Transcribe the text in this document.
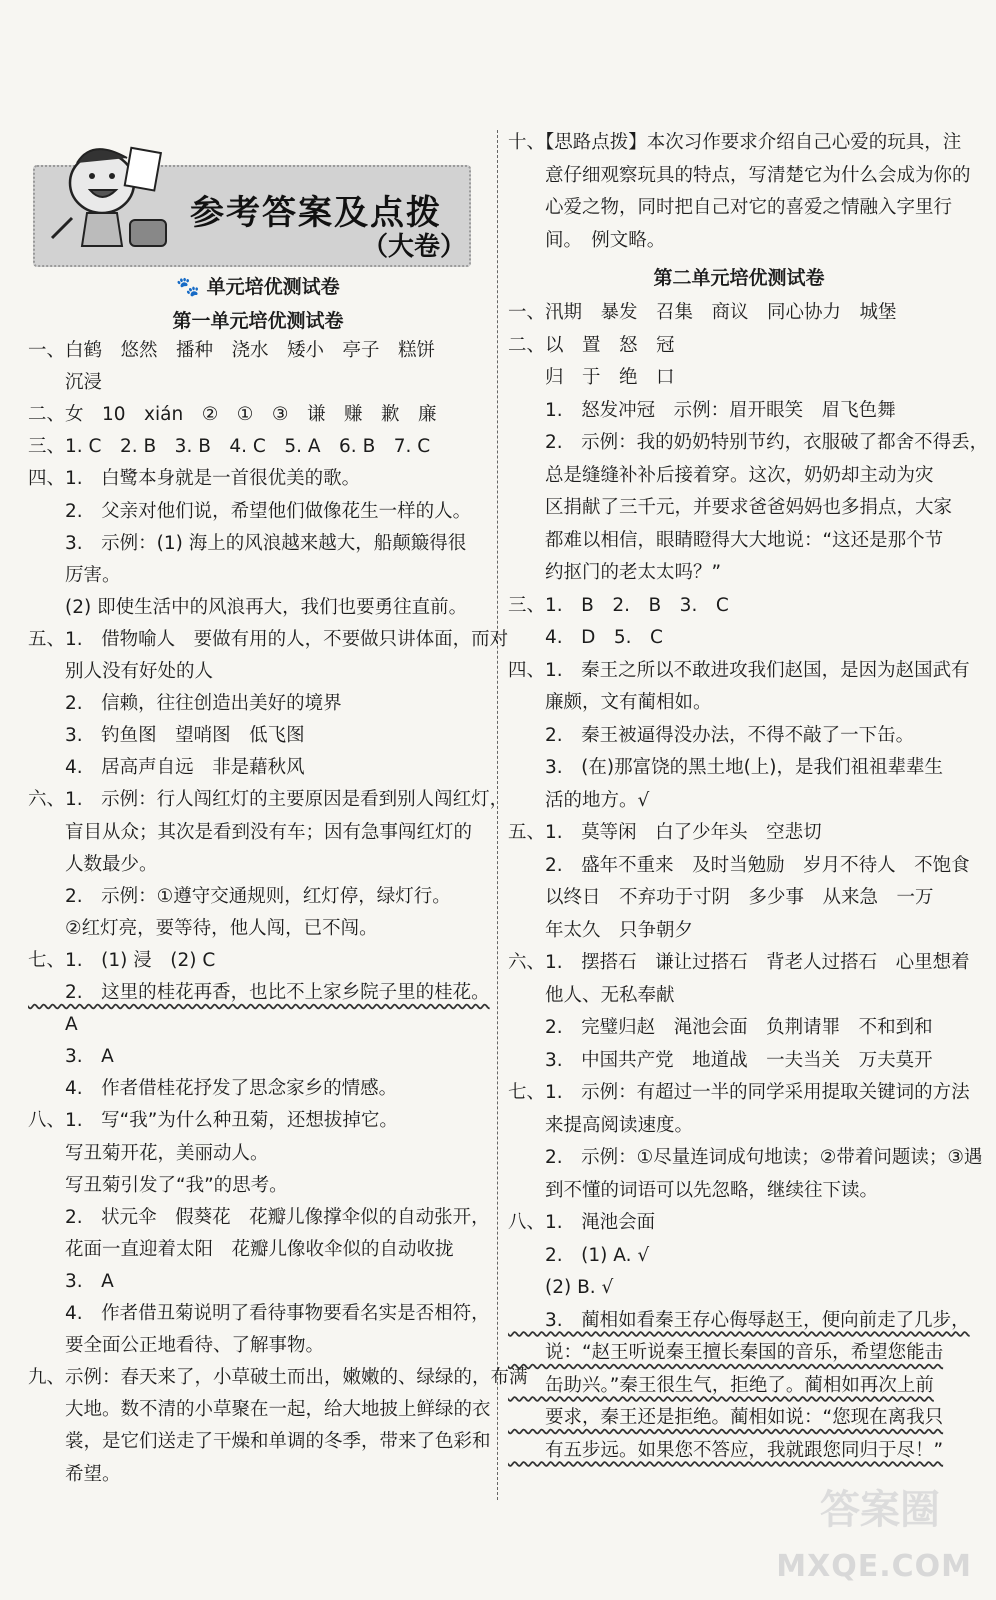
参考答案及点拨
（大卷）
🐾 单元培优测试卷
第一单元培优测试卷
一、白鹤　悠然　播种　浇水　矮小　亭子　糕饼
　　沉浸
二、女　10　xián　②　①　③　谦　赚　歉　廉
三、1. C　2. B　3. B　4. C　5. A　6. B　7. C
四、1.　白鹭本身就是一首很优美的歌。
　　2.　父亲对他们说，希望他们做像花生一样的人。
　　3.　示例：(1) 海上的风浪越来越大，船颠簸得很
　　厉害。
　　(2) 即使生活中的风浪再大，我们也要勇往直前。
五、1.　借物喻人　要做有用的人，不要做只讲体面，而对
　　别人没有好处的人
　　2.　信赖，往往创造出美好的境界
　　3.　钓鱼图　望哨图　低飞图
　　4.　居高声自远　非是藉秋风
六、1.　示例：行人闯红灯的主要原因是看到别人闯红灯，
　　盲目从众；其次是看到没有车；因有急事闯红灯的
　　人数最少。
　　2.　示例：①遵守交通规则，红灯停，绿灯行。
　　②红灯亮，要等待，他人闯，已不闯。
七、1.　(1) 浸　(2) C
　　2.　这里的桂花再香，也比不上家乡院子里的桂花。
　　A
　　3.　A
　　4.　作者借桂花抒发了思念家乡的情感。
八、1.　写“我”为什么种丑菊，还想拔掉它。
　　写丑菊开花，美丽动人。
　　写丑菊引发了“我”的思考。
　　2.　状元伞　假葵花　花瓣儿像撑伞似的自动张开，
　　花面一直迎着太阳　花瓣儿像收伞似的自动收拢
　　3.　A
　　4.　作者借丑菊说明了看待事物要看名实是否相符，
　　要全面公正地看待、了解事物。
九、示例：春天来了，小草破土而出，嫩嫩的、绿绿的，布满
　　大地。数不清的小草聚在一起，给大地披上鲜绿的衣
　　裳，是它们送走了干燥和单调的冬季，带来了色彩和
　　希望。
十、【思路点拨】本次习作要求介绍自己心爱的玩具，注
　　意仔细观察玩具的特点，写清楚它为什么会成为你的
　　心爱之物，同时把自己对它的喜爱之情融入字里行
　　间。　例文略。
第二单元培优测试卷
一、汛期　暴发　召集　商议　同心协力　城堡
二、以　置　怒　冠
　　归　于　绝　口
　　1.　怒发冲冠　示例：眉开眼笑　眉飞色舞
　　2.　示例：我的奶奶特别节约，衣服破了都舍不得丢，
　　总是缝缝补补后接着穿。这次，奶奶却主动为灾
　　区捐献了三千元，并要求爸爸妈妈也多捐点，大家
　　都难以相信，眼睛瞪得大大地说：“这还是那个节
　　约抠门的老太太吗？”
三、1.　B　2.　B　3.　C
　　4.　D　5.　C
四、1.　秦王之所以不敢进攻我们赵国，是因为赵国武有
　　廉颇，文有蔺相如。
　　2.　秦王被逼得没办法，不得不敲了一下缶。
　　3.　(在)那富饶的黑土地(上)，是我们祖祖辈辈生
　　活的地方。√
五、1.　莫等闲　白了少年头　空悲切
　　2.　盛年不重来　及时当勉励　岁月不待人　不饱食
　　以终日　不弃功于寸阴　多少事　从来急　一万
　　年太久　只争朝夕
六、1.　摆搭石　谦让过搭石　背老人过搭石　心里想着
　　他人、无私奉献
　　2.　完璧归赵　渑池会面　负荆请罪　不和到和
　　3.　中国共产党　地道战　一夫当关　万夫莫开
七、1.　示例：有超过一半的同学采用提取关键词的方法
　　来提高阅读速度。
　　2.　示例：①尽量连词成句地读；②带着问题读；③遇
　　到不懂的词语可以先忽略，继续往下读。
八、1.　渑池会面
　　2.　(1) A. √
　　(2) B. √
　　3.　蔺相如看秦王存心侮辱赵王，便向前走了几步，
　　说：“赵王听说秦王擅长秦国的音乐，希望您能击
　　缶助兴。”秦王很生气，拒绝了。蔺相如再次上前
　　要求，秦王还是拒绝。蔺相如说：“您现在离我只
　　有五步远。如果您不答应，我就跟您同归于尽！”
答案圈
MXQE.COM
